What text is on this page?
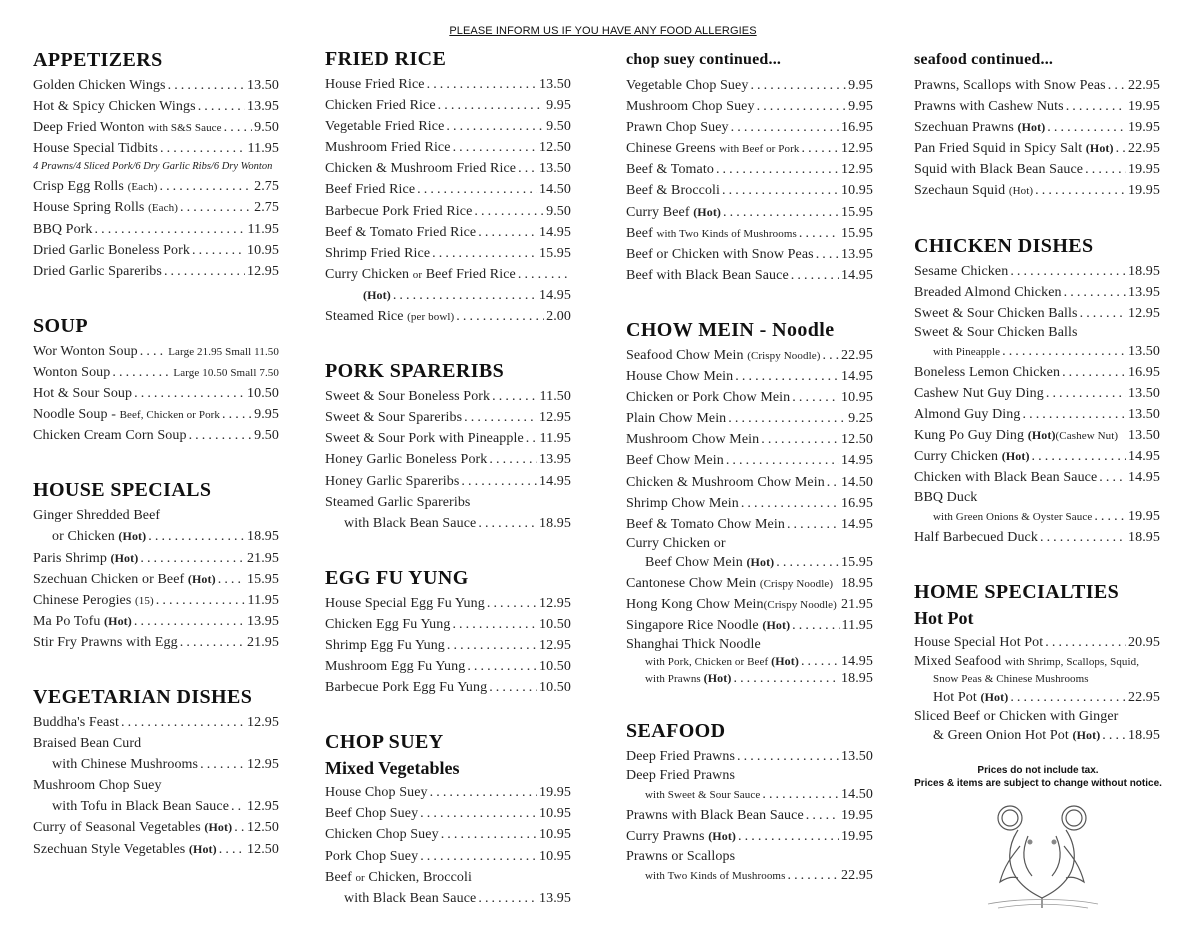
PLEASE INFORM US IF YOU HAVE ANY FOOD ALLERGIES
APPETIZERS
Golden Chicken Wings . . .	13.50
Hot & Spicy Chicken Wings . . .	13.95
Deep Fried Wonton with S&S Sauce . . . 9.50
House Special Tidbits . . .	11.95
4 Prawns/4 Sliced Pork/6 Dry Garlic Ribs/6 Dry Wonton
Crisp Egg Rolls (Each) . . .	2.75
House Spring Rolls (Each) . . .	2.75
BBQ Pork . . .	11.95
Dried Garlic Boneless Pork . . .	10.95
Dried Garlic Spareribs . . .	12.95
SOUP
Wor Wonton Soup . . .	Large 21.95 Small 11.50
Wonton Soup . . .	Large 10.50 Small 7.50
Hot & Sour Soup . . .	10.50
Noodle Soup - Beef, Chicken or Pork . . . 9.95
Chicken Cream Corn Soup . . .	9.50
HOUSE SPECIALS
Ginger Shredded Beef
or Chicken (Hot) . . .	18.95
Paris Shrimp (Hot) . . .	21.95
Szechuan Chicken or Beef (Hot) . . . 15.95
Chinese Perogies (15) . . .	11.95
Ma Po Tofu (Hot) . . .	13.95
Stir Fry Prawns with Egg . . .	21.95
VEGETARIAN DISHES
Buddha's Feast . . .	12.95
Braised Bean Curd
with Chinese Mushrooms . . .	12.95
Mushroom Chop Suey
with Tofu in Black Bean Sauce . . . 12.95
Curry of Seasonal Vegetables (Hot) . . . 12.50
Szechuan Style Vegetables (Hot) . . . 12.50
FRIED RICE
House Fried Rice . . .	13.50
Chicken Fried Rice . . .	9.95
Vegetable Fried Rice . . .	9.50
Mushroom Fried Rice . . .	12.50
Chicken & Mushroom Fried Rice . . . 13.50
Beef Fried Rice . . .	14.50
Barbecue Pork Fried Rice . . .	9.50
Beef & Tomato Fried Rice . . .	14.95
Shrimp Fried Rice . . .	15.95
Curry Chicken or Beef Fried Rice
. . .
(Hot) . . .	14.95
Steamed Rice (per bowl) . . .	2.00
PORK SPARERIBS
Sweet & Sour Boneless Pork . . .	11.50
Sweet & Sour Spareribs . . .	12.95
Sweet & Sour Pork with Pineapple . . . 11.95
Honey Garlic Boneless Pork . . .	13.95
Honey Garlic Spareribs . . .	14.95
Steamed Garlic Spareribs
with Black Bean Sauce . . .	18.95
EGG FU YUNG
House Special Egg Fu Yung . . .	12.95
Chicken Egg Fu Yung . . .	10.50
Shrimp Egg Fu Yung . . .	12.95
Mushroom Egg Fu Yung . . .	10.50
Barbecue Pork Egg Fu Yung . . .	10.50
CHOP SUEY
Mixed Vegetables
House Chop Suey . . .	19.95
Beef Chop Suey . . .	10.95
Chicken Chop Suey . . .	10.95
Pork Chop Suey . . .	10.95
Beef or Chicken, Broccoli
with Black Bean Sauce . . .	13.95
chop suey continued...
Vegetable Chop Suey . . .	9.95
Mushroom Chop Suey . . .	9.95
Prawn Chop Suey . . .	16.95
Chinese Greens with Beef or Pork . . .	12.95
Beef & Tomato . . .	12.95
Beef & Broccoli . . .	10.95
Curry Beef (Hot) . . .	15.95
Beef with Two Kinds of Mushrooms . . .	15.95
Beef or Chicken with Snow Peas . . . 13.95
Beef with Black Bean Sauce . . .	14.95
CHOW MEIN - Noodle
Seafood Chow Mein (Crispy Noodle) . . . 22.95
House Chow Mein . . .	14.95
Chicken or Pork Chow Mein . . .	10.95
Plain Chow Mein . . .	9.25
Mushroom Chow Mein . . .	12.50
Beef Chow Mein . . .	14.95
Chicken & Mushroom Chow Mein . . . 14.50
Shrimp Chow Mein . . .	16.95
Beef & Tomato Chow Mein . . .	14.95
Curry Chicken or
Beef Chow Mein (Hot) . . .	15.95
Cantonese Chow Mein (Crispy Noodle) 18.95
Hong Kong Chow Mein(Crispy Noodle) 21.95
Singapore Rice Noodle (Hot) . . .	11.95
Shanghai Thick Noodle
with Pork, Chicken or Beef (Hot) . . .	14.95
with Prawns (Hot) . . .	18.95
SEAFOOD
Deep Fried Prawns . . .	13.50
Deep Fried Prawns
with Sweet & Sour Sauce . . .	14.50
Prawns with Black Bean Sauce . . .	19.95
Curry Prawns (Hot) . . .	19.95
Prawns or Scallops
with Two Kinds of Mushrooms . . .	22.95
seafood continued...
Prawns, Scallops with Snow Peas . . . 22.95
Prawns with Cashew Nuts . . .	19.95
Szechuan Prawns (Hot) . . .	19.95
Pan Fried Squid in Spicy Salt (Hot) . . . 22.95
Squid with Black Bean Sauce . . .	19.95
Szechaun Squid (Hot) . . .	19.95
CHICKEN DISHES
Sesame Chicken . . .	18.95
Breaded Almond Chicken . . .	13.95
Sweet & Sour Chicken Balls . . .	12.95
Sweet & Sour Chicken Balls
with Pineapple . . .	13.50
Boneless Lemon Chicken . . .	16.95
Cashew Nut Guy Ding . . .	13.50
Almond Guy Ding . . .	13.50
Kung Po Guy Ding (Hot)(Cashew Nut) 13.50
Curry Chicken (Hot) . . .	14.95
Chicken with Black Bean Sauce . . . 14.95
BBQ Duck
with Green Onions & Oyster Sauce . . .	19.95
Half Barbecued Duck . . .	18.95
HOME SPECIALTIES
Hot Pot
House Special Hot Pot . . .	20.95
Mixed Seafood with Shrimp, Scallops, Squid,
Snow Peas & Chinese Mushrooms
Hot Pot (Hot) . . .	22.95
Sliced Beef or Chicken with Ginger
& Green Onion Hot Pot (Hot) . . . 18.95
Prices do not include tax.
Prices & items are subject to change without notice.
